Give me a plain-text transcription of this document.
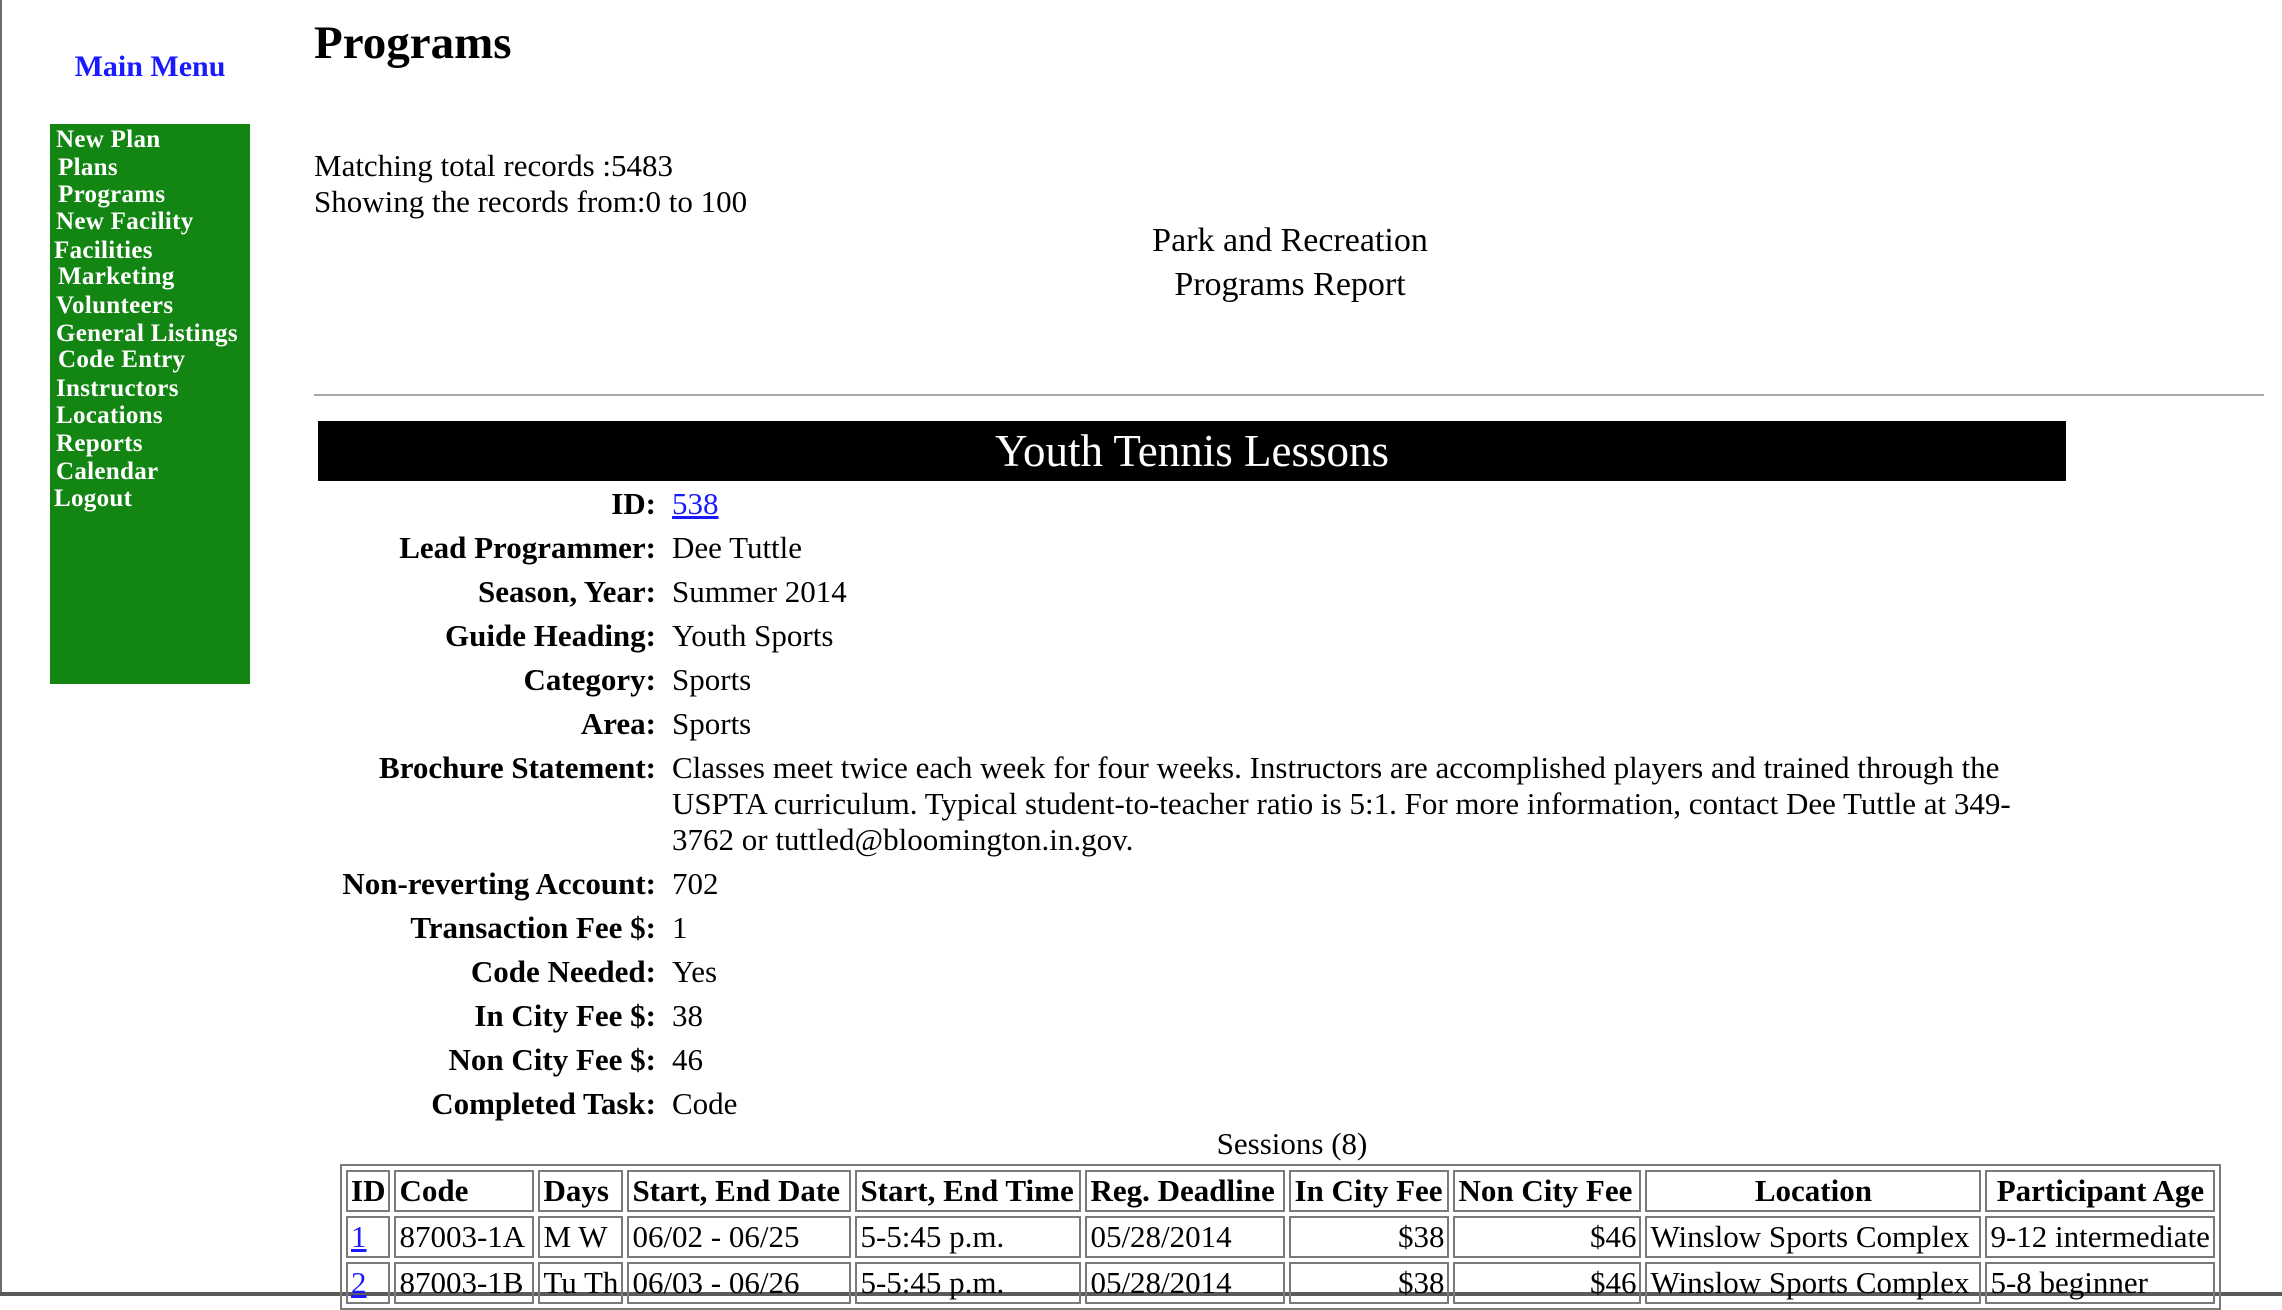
Main Menu
New Plan
Plans
Programs
New Facility
Facilities
Marketing
Volunteers
General Listings
Code Entry
Instructors
Locations
Reports
Calendar
Logout
Programs
Matching total records :5483
Showing the records from:0 to 100
Park and Recreation
Programs Report
Youth Tennis Lessons
ID: 538
Lead Programmer: Dee Tuttle
Season, Year: Summer 2014
Guide Heading: Youth Sports
Category: Sports
Area: Sports
Brochure Statement: Classes meet twice each week for four weeks. Instructors are accomplished players and trained through the USPTA curriculum. Typical student-to-teacher ratio is 5:1. For more information, contact Dee Tuttle at 349-3762 or tuttled@bloomington.in.gov.
Non-reverting Account: 702
Transaction Fee $: 1
Code Needed: Yes
In City Fee $: 38
Non City Fee $: 46
Completed Task: Code
Sessions (8)
ID	Code	Days	Start, End Date	Start, End Time	Reg. Deadline	In City Fee	Non City Fee	Location	Participant Age
1	87003-1A	M W	06/02 - 06/25	5-5:45 p.m.	05/28/2014	$38	$46	Winslow Sports Complex	9-12 intermediate
2	87003-1B	Tu Th	06/03 - 06/26	5-5:45 p.m.	05/28/2014	$38	$46	Winslow Sports Complex	5-8 beginner
